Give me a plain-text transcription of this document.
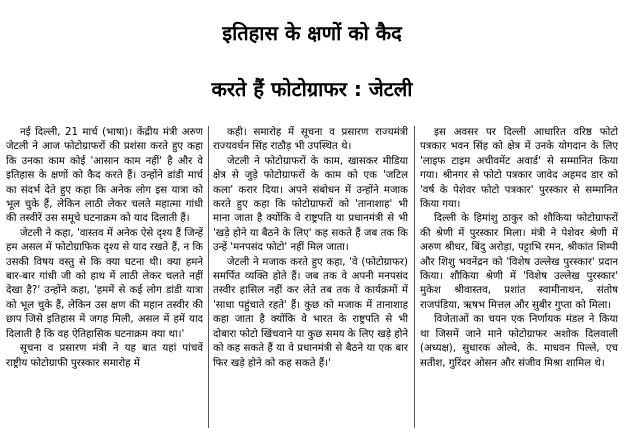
इतिहास के क्षणों को कैद
करते हैं फोटोग्राफर : जेटली

नई दिल्ली, 21 मार्च (भाषा)। केंद्रीय मंत्री अरुण जेटली ने आज फोटोग्राफरों की प्रशंसा करते हुए कहा कि उनका काम कोई 'आसान काम नहीं' है और वे इतिहास के क्षणों को कैद करते हैं। उन्होंने डांडी मार्च का संदर्भ देते हुए कहा कि अनेक लोग इस यात्रा को भूल चुके हैं, लेकिन लाठी लेकर चलते महात्मा गांधी की तस्वीरें उस समूचे घटनाक्रम को याद दिलाती हैं।

जेटली ने कहा, 'वास्तव में अनेक ऐसे दृश्य हैं जिन्हें हम असल में फोटोग्राफिक दृश्य से याद रखते हैं, न कि उसकी विषय वस्तु से कि क्या घटना थी। क्या हमने बार-बार गांधी जी को हाथ में लाठी लेकर चलते नहीं देखा है?' उन्होंने कहा, 'हममें से कई लोग डांडी यात्रा को भूल चुके हैं, लेकिन उस क्षण की महान तस्वीर की छाप जिसे इतिहास में जगह मिली, असल में हमें याद दिलाती है कि वह ऐतिहासिक घटनाक्रम क्या था।'

सूचना व प्रसारण मंत्री ने यह बात यहां पांचवें राष्ट्रीय फोटोग्राफी पुरस्कार समारोह में

कही। समारोह में सूचना व प्रसारण राज्यमंत्री राज्यवर्धन सिंह राठौड़ भी उपस्थित थे।

जेटली ने फोटोग्राफरों के काम, खासकर मीडिया क्षेत्र से जुड़े फोटोग्राफरों के काम को एक 'जटिल कला' करार दिया। अपने संबोधन में उन्होंने मजाक करते हुए कहा कि फोटोग्राफरों को 'तानाशाह' भी माना जाता है क्योंकि वे राष्ट्रपति या प्रधानमंत्री से भी 'खड़े होने या बैठने के लिए' कह सकते हैं जब तक कि उन्हें 'मनपसंद फोटो' नहीं मिल जाता।

जेटली ने मजाक करते हुए कहा, 'वे (फोटोग्राफर) समर्पित व्यक्ति होते हैं। जब तक वे अपनी मनपसंद तस्वीर हासिल नहीं कर लेते तब तक वे कार्यक्रमों में 'साधा पहुंचाते रहते' हैं। कुछ को मजाक में तानाशाह कहा जाता है क्योंकि वे भारत के राष्ट्रपति से भी दोबारा फोटो खिंचवाने या कुछ समय के लिए खड़े होने को कह सकते हैं या वे प्रधानमंत्री से बैठने या एक बार फिर खड़े होने को कह सकते हैं।'

इस अवसर पर दिल्ली आधारित वरिष्ठ फोटो पत्रकार भवन सिंह को क्षेत्र में उनके योगदान के लिए 'लाइफ टाइम अचीवमेंट अवार्ड' से सम्मानित किया गया। श्रीनगर से फोटो पत्रकार जावेद अहमद डार को 'वर्ष के पेशेवर फोटो पत्रकार' पुरस्कार से सम्मानित किया गया।

दिल्ली के हिमांशु ठाकुर को शौकिया फोटोग्राफरों की श्रेणी में पुरस्कार मिला। मंत्री ने पेशेवर श्रेणी में अरुण श्रीधर, बिंदु अरोड़ा, पट्टाभि रमन, श्रीकांत शिम्पी और शिशु भवनेंद्रन को 'विशेष उल्लेख पुरस्कार' प्रदान किया। शौकिया श्रेणी में 'विशेष उल्लेख पुरस्कार' मुकेश श्रीवास्तव, प्रशांत स्वामीनाथन, संतोष राजपंडिया, ऋषभ मित्तल और सुबीर गुप्ता को मिला।

विजेताओं का चयन एक निर्णायक मंडल ने किया था जिसमें जाने माने फोटोग्राफर अशोक दिलवाली (अध्यक्ष), सुधारक ओल्वे, के. माधवन पिल्ले, एच सतीश, गुरिंदर ओसन और संजीव मिश्रा शामिल थे।
